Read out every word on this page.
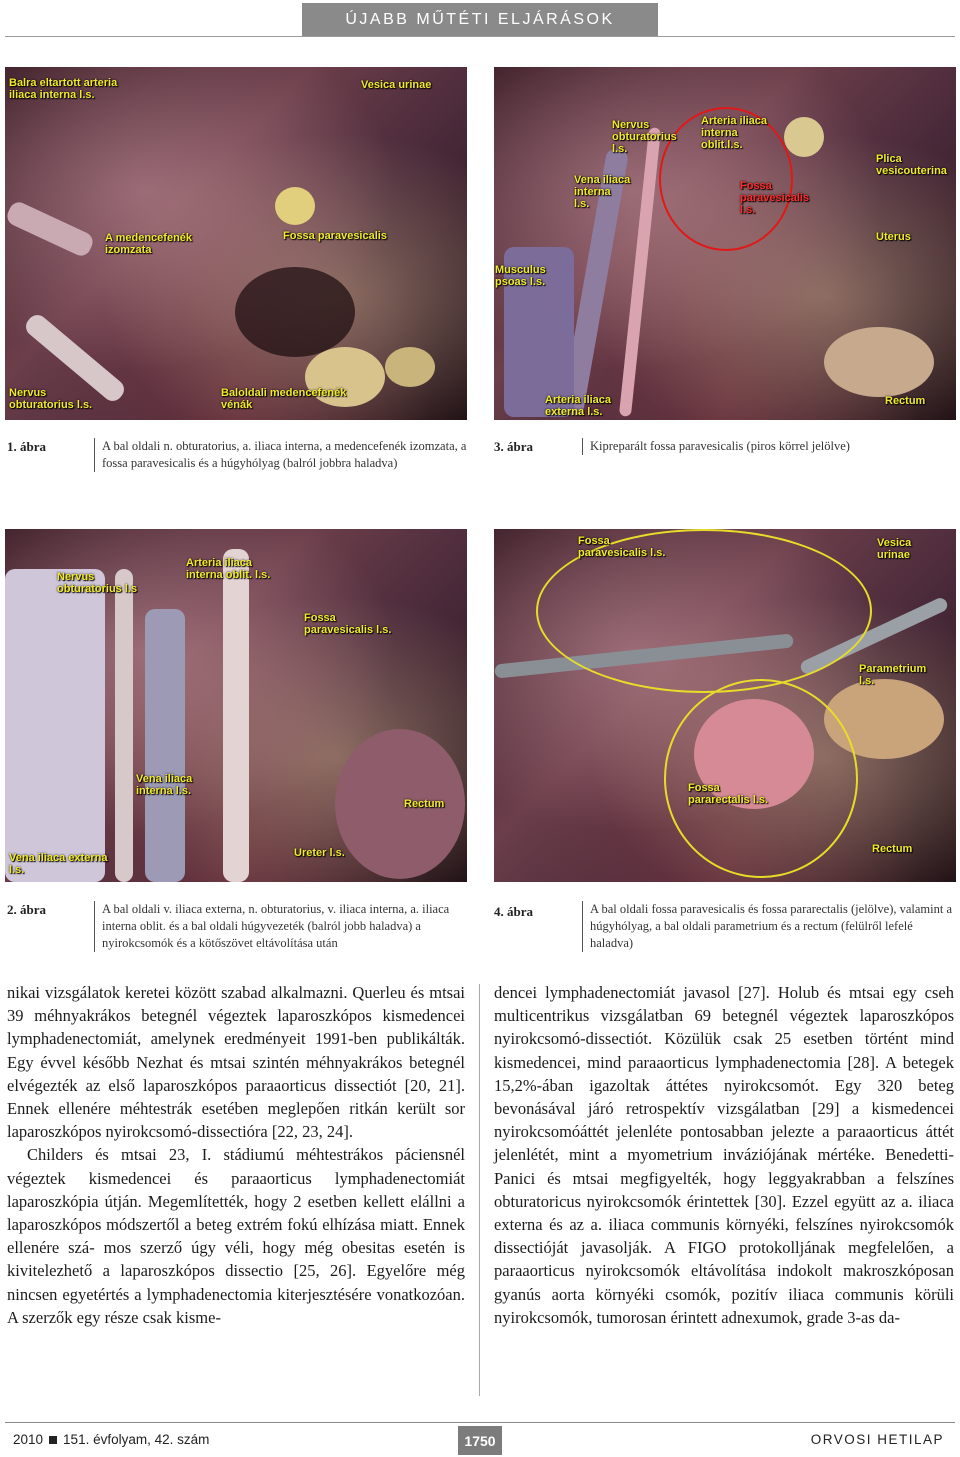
ÚJABB MŰTÉTI ELJÁRÁSOK
Balra eltartott arteria
iliaca interna l.s.
Vesica urinae
A medencefenék
izomzata
Fossa paravesicalis
Nervus
obturatorius l.s.
Baloldali medencefenék
vénák
Nervus
obturatorius
l.s.
Arteria iliaca
interna
oblit.l.s.
Plica
vesicouterina
Vena iliaca
interna
l.s.
Fossa
paravesicalis
l.s.
Uterus
Musculus
psoas l.s.
Arteria iliaca
externa l.s.
Rectum
1. ábra	A bal oldali n. obturatorius, a. iliaca interna, a medencefenék izomzata, a fossa paravesicalis és a húgyhólyag (balról jobbra haladva)
3. ábra	Kipreparált fossa paravesicalis (piros körrel jelölve)
Nervus
obturatorius l.s
Arteria iliaca
interna oblit. l.s.
Fossa
paravesicalis l.s.
Vena iliaca
interna l.s.
Rectum
Ureter l.s.
Vena iliaca externa
l.s.
Fossa
paravesicalis l.s.
Vesica
urinae
Parametrium
l.s.
Fossa
pararectalis l.s.
Rectum
2. ábra	A bal oldali v. iliaca externa, n. obturatorius, v. iliaca interna, a. iliaca interna oblit. és a bal oldali húgyvezeték (balról jobb haladva) a nyirokcsomók és a kötőszövet eltávolítása után
4. ábra	A bal oldali fossa paravesicalis és fossa pararectalis (jelölve), valamint a húgyhólyag, a bal oldali parametrium és a rectum (felülről lefelé haladva)

nikai vizsgálatok keretei között szabad alkalmazni. Querleu és mtsai 39 méhnyakrákos betegnél végeztek laparoszkópos kismedencei lymphadenectomiát, amelynek eredményeit 1991-ben publikálták. Egy évvel később Nezhat és mtsai szintén méhnyakrákos betegnél elvégezték az első laparoszkópos paraaorticus dissectiót [20, 21]. Ennek ellenére méhtestrák esetében meglepően ritkán került sor laparoszkópos nyirokcsomó-dissectióra [22, 23, 24].

Childers és mtsai 23, I. stádiumú méhtestrákos páciensnél végeztek kismedencei és paraaorticus lymphadenectomiát laparoszkópia útján. Megemlítették, hogy 2 esetben kellett elállni a laparoszkópos módszertől a beteg extrém fokú elhízása miatt. Ennek ellenére szá- mos szerző úgy véli, hogy még obesitas esetén is kivitelezhető a laparoszkópos dissectio [25, 26]. Egyelőre még nincsen egyetértés a lymphadenectomia kiterjesztésére vonatkozóan. A szerzők egy része csak kisme-

dencei lymphadenectomiát javasol [27]. Holub és mtsai egy cseh multicentrikus vizsgálatban 69 betegnél végeztek laparoszkópos nyirokcsomó-dissectiót. Közülük csak 25 esetben történt mind kismedencei, mind paraaorticus lymphadenectomia [28]. A betegek 15,2%-ában igazoltak áttétes nyirokcsomót. Egy 320 beteg bevonásával járó retrospektív vizsgálatban [29] a kismedencei nyirokcsomóáttét jelenléte pontosabban jelezte a paraaorticus áttét jelenlétét, mint a myometrium inváziójának mértéke. Benedetti-Panici és mtsai megfigyelték, hogy leggyakrabban a felszínes obturatoricus nyirokcsomók érintettek [30]. Ezzel együtt az a. iliaca externa és az a. iliaca communis környéki, felszínes nyirokcsomók dissectióját javasolják. A FIGO protokolljának megfelelően, a paraaorticus nyirokcsomók eltávolítása indokolt makroszkóposan gyanús aorta környéki csomók, pozitív iliaca communis körüli nyirokcsomók, tumorosan érintett adnexumok, grade 3-as da-

2010 151. évfolyam, 42. szám	1750	ORVOSI HETILAP
